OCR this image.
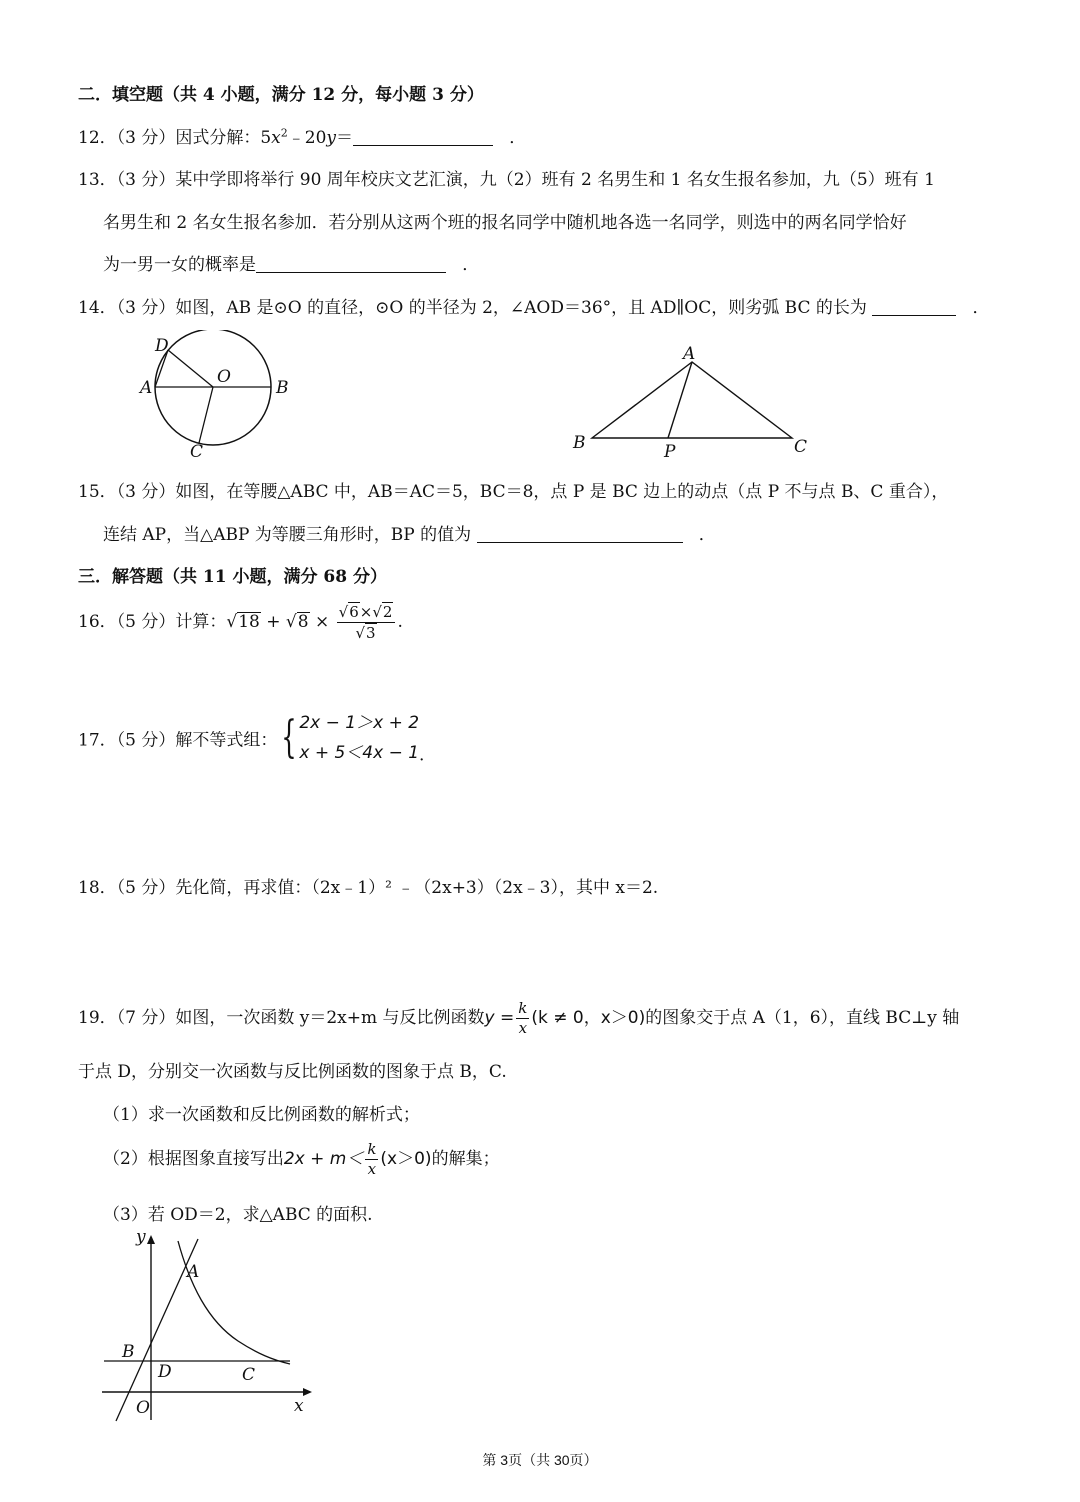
二．填空题（共 4 小题，满分 12 分，每小题 3 分）
12．（3 分）因式分解：$5x^2﹣20y=$	．
13．（3 分）某中学即将举行 90 周年校庆文艺汇演，九（2）班有 2 名男生和 1 名女生报名参加，九（5）班有 1
名男生和 2 名女生报名参加．若分别从这两个班的报名同学中随机地各选一名同学，则选中的两名同学恰好
为一男一女的概率是	．
14．（3 分）如图，AB 是⊙O 的直径，⊙O 的半径为 2，∠AOD＝36°，且 AD∥OC，则劣弧 BC 的长为	．
D
A
O
B
C
A
B	P	C
15．（3 分）如图，在等腰△ABC 中，AB＝AC＝5，BC＝8，点 P 是 BC 边上的动点（点 P 不与点 B、C 重合），
连结 AP，当△ABP 为等腰三角形时，BP 的值为	．
三．解答题（共 11 小题，满分 68 分）
16．（5 分）计算：$√18 + √8 \times \frac{√6\times√2}{√3}$ .
17．（5 分）解不等式组：{ 2x − 1＞x + 2
x + 5＜4x − 1 .
18．（5 分）先化简，再求值：（2x﹣1）² ﹣（2x+3）（2x﹣3），其中 x＝2.
19．（7 分）如图，一次函数 y＝2x+m 与反比例函数$y = \frac{k}{x} (k \ne 0$，x＞0)的图象交于点 A（1，6），直线 BC⊥y 轴
于点 D，分别交一次函数与反比例函数的图象于点 B，C.
（1）求一次函数和反比例函数的解析式；
（2）根据图象直接写出$2x + m< \frac{k}{x} (x>0)$的解集；
（3）若 OD＝2，求△ABC 的面积.
y
A
B
D	C
O	x
第 3页（共 30页）
